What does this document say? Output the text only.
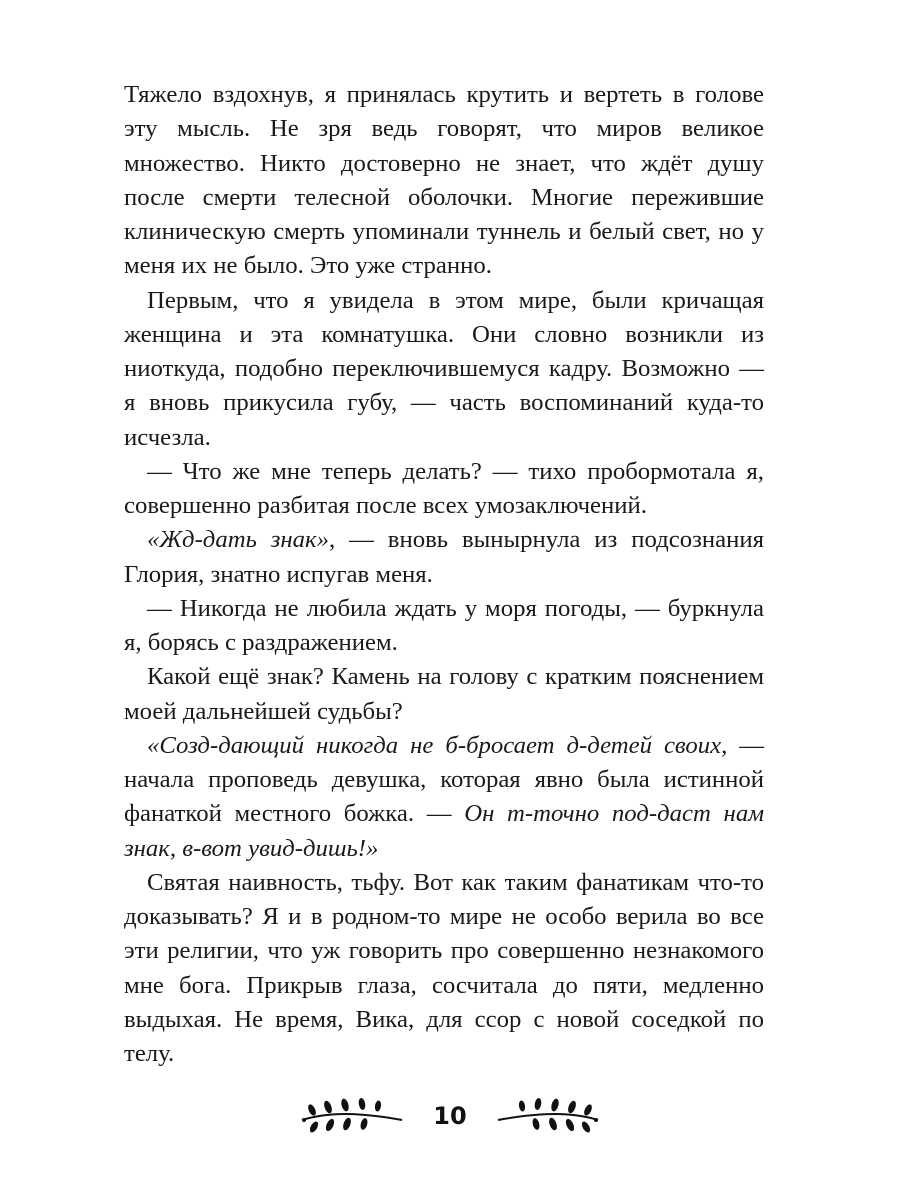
Тяжело вздохнув, я принялась крутить и вертеть в голове эту мысль. Не зря ведь говорят, что миров великое множество. Никто достоверно не знает, что ждёт душу после смерти телесной оболочки. Многие пережившие клиническую смерть упоминали туннель и белый свет, но у меня их не было. Это уже странно.

Первым, что я увидела в этом мире, были кричащая женщина и эта комнатушка. Они словно возникли из ниоткуда, подобно переключившемуся кадру. Возможно — я вновь прикусила губу, — часть воспоминаний куда-то исчезла.

— Что же мне теперь делать? — тихо пробормотала я, совершенно разбитая после всех умозаключений.

«Жд-дать знак», — вновь вынырнула из подсознания Глория, знатно испугав меня.

— Никогда не любила ждать у моря погоды, — буркнула я, борясь с раздражением.

Какой ещё знак? Камень на голову с кратким пояснением моей дальнейшей судьбы?

«Созд-дающий никогда не б-бросает д-детей своих, — начала проповедь девушка, которая явно была истинной фанаткой местного божка. — Он т-точно под-даст нам знак, в-вот увид-дишь!»

Святая наивность, тьфу. Вот как таким фанатикам что-то доказывать? Я и в родном-то мире не особо верила во все эти религии, что уж говорить про совершенно незнакомого мне бога. Прикрыв глаза, сосчитала до пяти, медленно выдыхая. Не время, Вика, для ссор с новой соседкой по телу.

10
